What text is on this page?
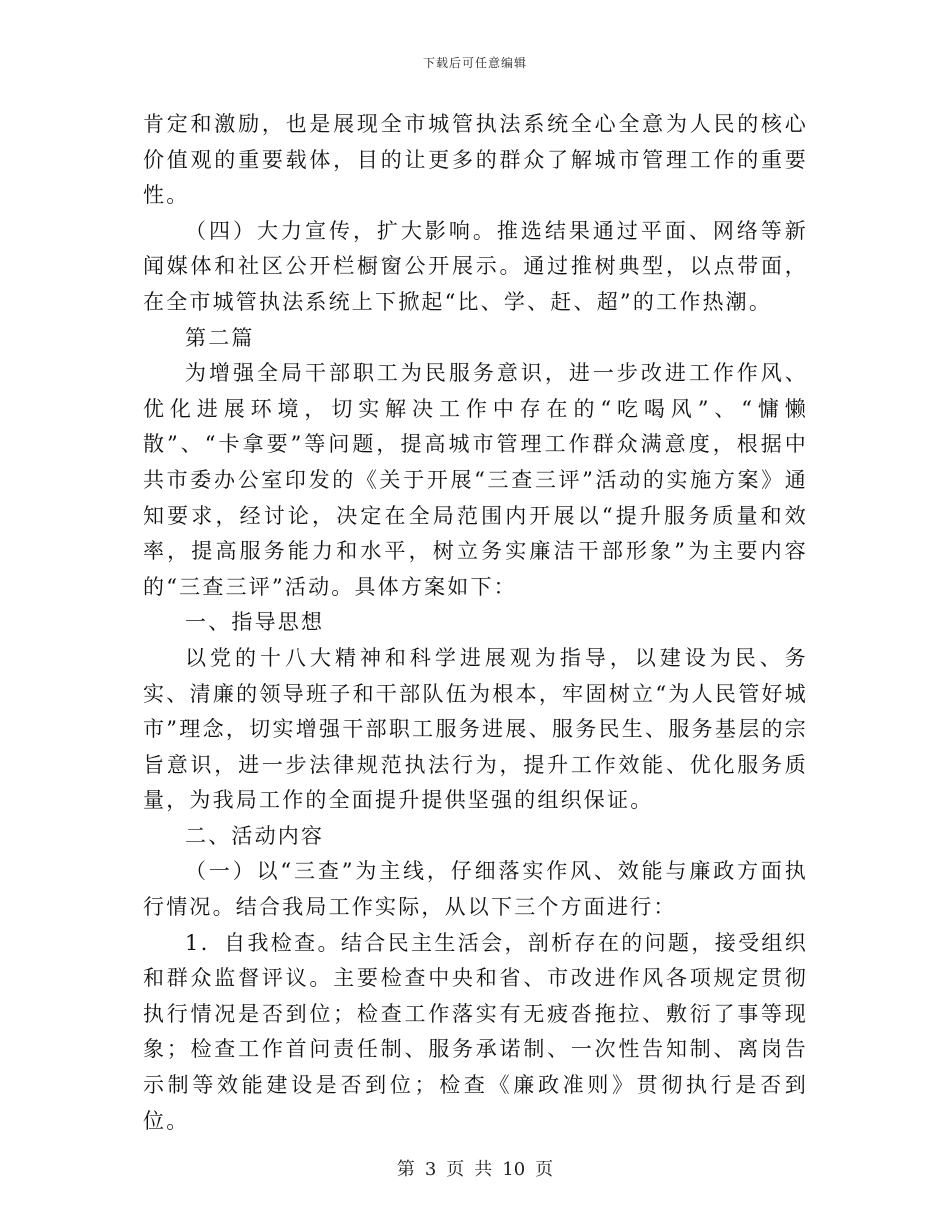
下载后可任意编辑

肯定和激励，也是展现全市城管执法系统全心全意为人民的核心价值观的重要载体，目的让更多的群众了解城市管理工作的重要性。

（四）大力宣传，扩大影响。推选结果通过平面、网络等新闻媒体和社区公开栏橱窗公开展示。通过推树典型，以点带面，在全市城管执法系统上下掀起“比、学、赶、超”的工作热潮。

第二篇

为增强全局干部职工为民服务意识，进一步改进工作作风、优化进展环境，切实解决工作中存在的“吃喝风”、“慵懒散”、“卡拿要”等问题，提高城市管理工作群众满意度，根据中共市委办公室印发的《关于开展“三查三评”活动的实施方案》通知要求，经讨论，决定在全局范围内开展以“提升服务质量和效率，提高服务能力和水平，树立务实廉洁干部形象”为主要内容的“三查三评”活动。具体方案如下：

一、指导思想

以党的十八大精神和科学进展观为指导，以建设为民、务实、清廉的领导班子和干部队伍为根本，牢固树立“为人民管好城市”理念，切实增强干部职工服务进展、服务民生、服务基层的宗旨意识，进一步法律规范执法行为，提升工作效能、优化服务质量，为我局工作的全面提升提供坚强的组织保证。

二、活动内容

（一）以“三查”为主线，仔细落实作风、效能与廉政方面执行情况。结合我局工作实际，从以下三个方面进行：

1．自我检查。结合民主生活会，剖析存在的问题，接受组织和群众监督评议。主要检查中央和省、市改进作风各项规定贯彻执行情况是否到位；检查工作落实有无疲沓拖拉、敷衍了事等现象；检查工作首问责任制、服务承诺制、一次性告知制、离岗告示制等效能建设是否到位；检查《廉政准则》贯彻执行是否到位。

第 3 页 共 10 页
